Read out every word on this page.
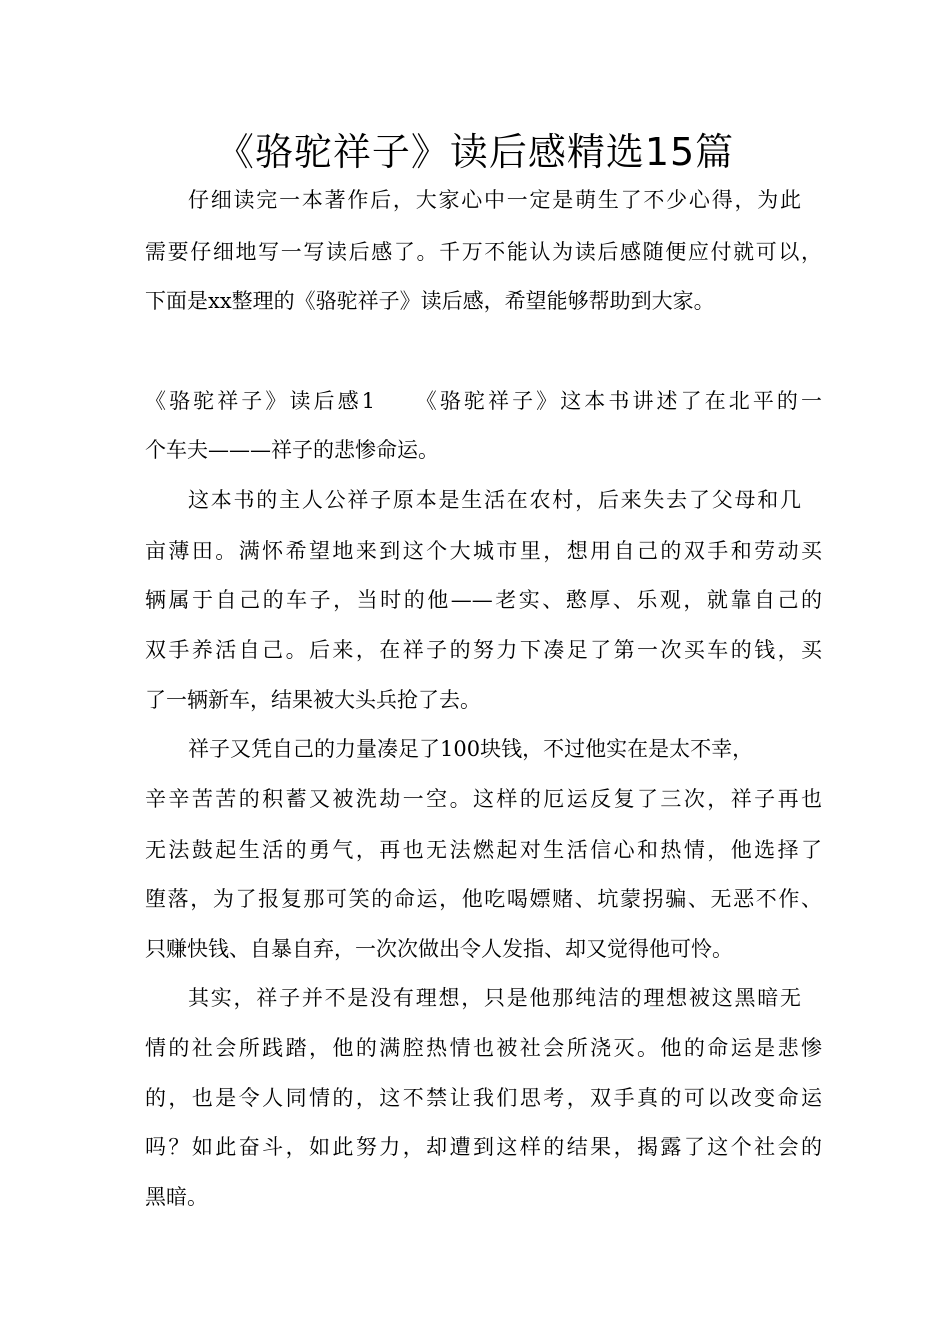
《骆驼祥子》读后感精选15篇
仔细读完一本著作后，大家心中一定是萌生了不少心得，为此
需要仔细地写一写读后感了。千万不能认为读后感随便应付就可以，
下面是xx整理的《骆驼祥子》读后感，希望能够帮助到大家。
《骆驼祥子》读后感1　　《骆驼祥子》这本书讲述了在北平的一
个车夫———祥子的悲惨命运。
这本书的主人公祥子原本是生活在农村，后来失去了父母和几
亩薄田。满怀希望地来到这个大城市里，想用自己的双手和劳动买
辆属于自己的车子，当时的他——老实、憨厚、乐观，就靠自己的
双手养活自己。后来，在祥子的努力下凑足了第一次买车的钱，买
了一辆新车，结果被大头兵抢了去。
祥子又凭自己的力量凑足了100块钱，不过他实在是太不幸，
辛辛苦苦的积蓄又被洗劫一空。这样的厄运反复了三次，祥子再也
无法鼓起生活的勇气，再也无法燃起对生活信心和热情，他选择了
堕落，为了报复那可笑的命运，他吃喝嫖赌、坑蒙拐骗、无恶不作、
只赚快钱、自暴自弃，一次次做出令人发指、却又觉得他可怜。
其实，祥子并不是没有理想，只是他那纯洁的理想被这黑暗无
情的社会所践踏，他的满腔热情也被社会所浇灭。他的命运是悲惨
的，也是令人同情的，这不禁让我们思考，双手真的可以改变命运
吗？如此奋斗，如此努力，却遭到这样的结果，揭露了这个社会的
黑暗。
